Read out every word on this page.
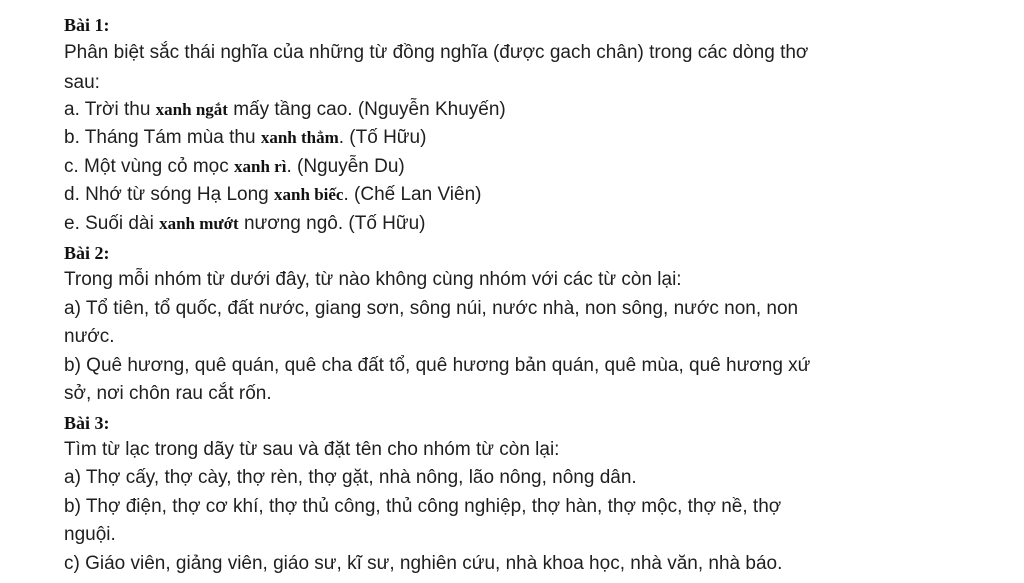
Bài 1:
Phân biệt sắc thái nghĩa của những từ đồng nghĩa (được gach chân) trong các dòng thơ
sau:
a. Trời thu xanh ngắt mấy tầng cao. (Nguyễn Khuyến)
b. Tháng Tám mùa thu xanh thẳm. (Tố Hữu)
c. Một vùng cỏ mọc xanh rì. (Nguyễn Du)
d. Nhớ từ sóng Hạ Long xanh biếc. (Chế Lan Viên)
e. Suối dài xanh mướt nương ngô. (Tố Hữu)
Bài 2:
Trong mỗi nhóm từ dưới đây, từ nào không cùng nhóm với các từ còn lại:
a) Tổ tiên, tổ quốc, đất nước, giang sơn, sông núi, nước nhà, non sông, nước non, non
nước.
b) Quê hương, quê quán, quê cha đất tổ, quê hương bản quán, quê mùa, quê hương xứ
sở, nơi chôn rau cắt rốn.
Bài 3:
Tìm từ lạc trong dãy từ sau và đặt tên cho nhóm từ còn lại:
a) Thợ cấy, thợ cày, thợ rèn, thợ gặt, nhà nông, lão nông, nông dân.
b) Thợ điện, thợ cơ khí, thợ thủ công, thủ công nghiệp, thợ hàn, thợ mộc, thợ nề, thợ
nguội.
c) Giáo viên, giảng viên, giáo sư, kĩ sư, nghiên cứu, nhà khoa học, nhà văn, nhà báo.
